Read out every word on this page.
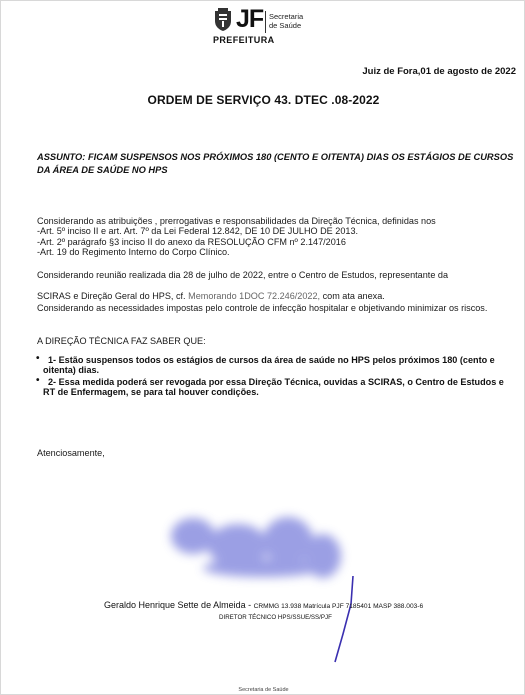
JF Secretaria
de Saúde
PREFEITURA
Juiz de Fora,01 de agosto de 2022
ORDEM DE SERVIÇO 43. DTEC .08-2022
ASSUNTO: FICAM SUSPENSOS NOS PRÓXIMOS 180 (CENTO E OITENTA) DIAS OS ESTÁGIOS DE CURSOS DA ÁREA DE SAÚDE NO HPS
Considerando as atribuições , prerrogativas e responsabilidades da Direção Técnica, definidas nos
-Art. 5º inciso II e art. Art. 7º da Lei Federal 12.842, DE 10 DE JULHO DE 2013.
-Art. 2º parágrafo §3 inciso II do anexo da RESOLUÇÃO CFM nº 2.147/2016
-Art. 19 do Regimento Interno do Corpo Clínico.
Considerando reunião realizada dia 28 de julho de 2022, entre o Centro de Estudos, representante da
SCIRAS e Direção Geral do HPS, cf. Memorando 1DOC 72.246/2022, com ata anexa.
Considerando as necessidades impostas pelo controle de infecção hospitalar e objetivando minimizar os riscos.
A DIREÇÃO TÉCNICA FAZ SABER QUE:
• 1- Estão suspensos todos os estágios de cursos da área de saúde no HPS pelos próximos 180 (cento e oitenta) dias.
• 2- Essa medida poderá ser revogada por essa Direção Técnica, ouvidas a SCIRAS, o Centro de Estudos e RT de Enfermagem, se para tal houver condições.
Atenciosamente,
Geraldo Henrique Sette de Almeida - CRMMG 13.938 Matrícula PJF 7185401 MASP 388.003-6
DIRETOR TÉCNICO HPS/SSUE/SS/PJF
Secretaria de Saúde
